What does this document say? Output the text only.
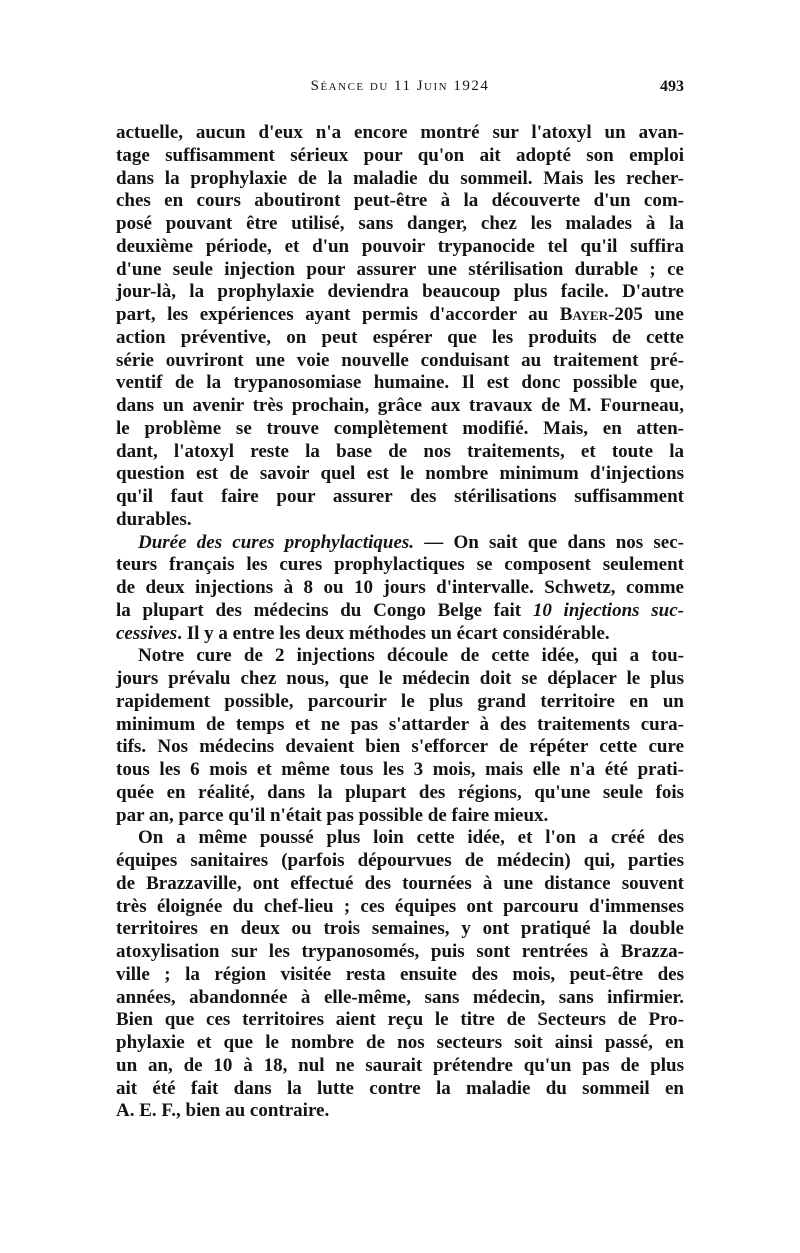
Séance du 11 Juin 1924	493
actuelle, aucun d'eux n'a encore montré sur l'atoxyl un avan-
tage suffisamment sérieux pour qu'on ait adopté son emploi
dans la prophylaxie de la maladie du sommeil. Mais les recher-
ches en cours aboutiront peut-être à la découverte d'un com-
posé pouvant être utilisé, sans danger, chez les malades à la
deuxième période, et d'un pouvoir trypanocide tel qu'il suffira
d'une seule injection pour assurer une stérilisation durable ; ce
jour-là, la prophylaxie deviendra beaucoup plus facile. D'autre
part, les expériences ayant permis d'accorder au Bayer-205 une
action préventive, on peut espérer que les produits de cette
série ouvriront une voie nouvelle conduisant au traitement pré-
ventif de la trypanosomiase humaine. Il est donc possible que,
dans un avenir très prochain, grâce aux travaux de M. Fourneau,
le problème se trouve complètement modifié. Mais, en atten-
dant, l'atoxyl reste la base de nos traitements, et toute la
question est de savoir quel est le nombre minimum d'injections
qu'il faut faire pour assurer des stérilisations suffisamment
durables.
Durée des cures prophylactiques. — On sait que dans nos sec-
teurs français les cures prophylactiques se composent seulement
de deux injections à 8 ou 10 jours d'intervalle. Schwetz, comme
la plupart des médecins du Congo Belge fait 10 injections suc-
cessives. Il y a entre les deux méthodes un écart considérable.
Notre cure de 2 injections découle de cette idée, qui a tou-
jours prévalu chez nous, que le médecin doit se déplacer le plus
rapidement possible, parcourir le plus grand territoire en un
minimum de temps et ne pas s'attarder à des traitements cura-
tifs. Nos médecins devaient bien s'efforcer de répéter cette cure
tous les 6 mois et même tous les 3 mois, mais elle n'a été prati-
quée en réalité, dans la plupart des régions, qu'une seule fois
par an, parce qu'il n'était pas possible de faire mieux.
On a même poussé plus loin cette idée, et l'on a créé des
équipes sanitaires (parfois dépourvues de médecin) qui, parties
de Brazzaville, ont effectué des tournées à une distance souvent
très éloignée du chef-lieu ; ces équipes ont parcouru d'immenses
territoires en deux ou trois semaines, y ont pratiqué la double
atoxylisation sur les trypanosomés, puis sont rentrées à Brazza-
ville ; la région visitée resta ensuite des mois, peut-être des
années, abandonnée à elle-même, sans médecin, sans infirmier.
Bien que ces territoires aient reçu le titre de Secteurs de Pro-
phylaxie et que le nombre de nos secteurs soit ainsi passé, en
un an, de 10 à 18, nul ne saurait prétendre qu'un pas de plus
ait été fait dans la lutte contre la maladie du sommeil en
A. E. F., bien au contraire.
